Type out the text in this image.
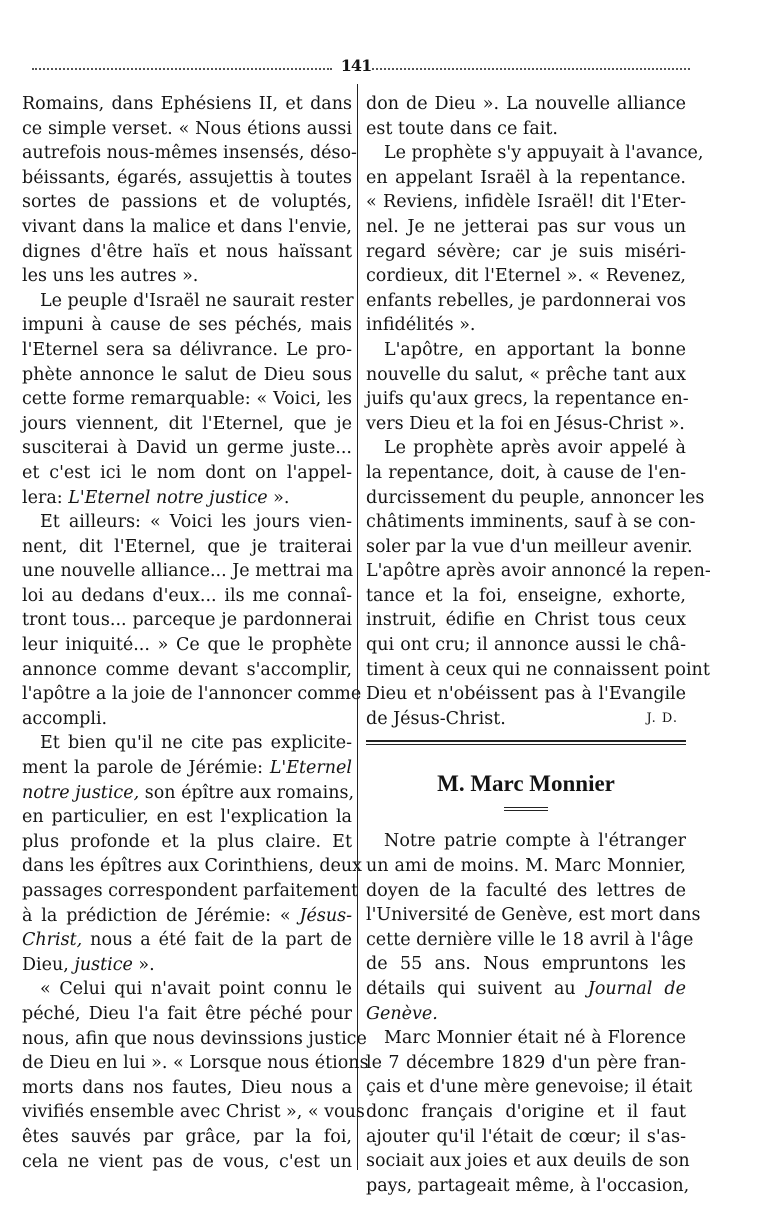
141
Romains, dans Ephésiens II, et dans
ce simple verset. « Nous étions aussi
autrefois nous-mêmes insensés, déso-
béissants, égarés, assujettis à toutes
sortes de passions et de voluptés,
vivant dans la malice et dans l'envie,
dignes d'être haïs et nous haïssant
les uns les autres ».
Le peuple d'Israël ne saurait rester
impuni à cause de ses péchés, mais
l'Eternel sera sa délivrance. Le pro-
phète annonce le salut de Dieu sous
cette forme remarquable: « Voici, les
jours viennent, dit l'Eternel, que je
susciterai à David un germe juste...
et c'est ici le nom dont on l'appel-
lera: L'Eternel notre justice ».
Et ailleurs: « Voici les jours vien-
nent, dit l'Eternel, que je traiterai
une nouvelle alliance... Je mettrai ma
loi au dedans d'eux... ils me connaî-
tront tous... parceque je pardonnerai
leur iniquité... » Ce que le prophète
annonce comme devant s'accomplir,
l'apôtre a la joie de l'annoncer comme
accompli.
Et bien qu'il ne cite pas explicite-
ment la parole de Jérémie: L'Eternel
notre justice, son épître aux romains,
en particulier, en est l'explication la
plus profonde et la plus claire. Et
dans les épîtres aux Corinthiens, deux
passages correspondent parfaitement
à la prédiction de Jérémie: « Jésus-
Christ, nous a été fait de la part de
Dieu, justice ».
« Celui qui n'avait point connu le
péché, Dieu l'a fait être péché pour
nous, afin que nous devinssions justice
de Dieu en lui ». « Lorsque nous étions
morts dans nos fautes, Dieu nous a
vivifiés ensemble avec Christ », « vous
êtes sauvés par grâce, par la foi,
cela ne vient pas de vous, c'est un
don de Dieu ». La nouvelle alliance
est toute dans ce fait.
Le prophète s'y appuyait à l'avance,
en appelant Israël à la repentance.
« Reviens, infidèle Israël! dit l'Eter-
nel. Je ne jetterai pas sur vous un
regard sévère; car je suis miséri-
cordieux, dit l'Eternel ». « Revenez,
enfants rebelles, je pardonnerai vos
infidélités ».
L'apôtre, en apportant la bonne
nouvelle du salut, « prêche tant aux
juifs qu'aux grecs, la repentance en-
vers Dieu et la foi en Jésus-Christ ».
Le prophète après avoir appelé à
la repentance, doit, à cause de l'en-
durcissement du peuple, annoncer les
châtiments imminents, sauf à se con-
soler par la vue d'un meilleur avenir.
L'apôtre après avoir annoncé la repen-
tance et la foi, enseigne, exhorte,
instruit, édifie en Christ tous ceux
qui ont cru; il annonce aussi le châ-
timent à ceux qui ne connaissent point
Dieu et n'obéissent pas à l'Evangile
de Jésus-Christ.	J. D.
M. Marc Monnier
Notre patrie compte à l'étranger
un ami de moins. M. Marc Monnier,
doyen de la faculté des lettres de
l'Université de Genève, est mort dans
cette dernière ville le 18 avril à l'âge
de 55 ans. Nous empruntons les
détails qui suivent au Journal de
Genève.
Marc Monnier était né à Florence
le 7 décembre 1829 d'un père fran-
çais et d'une mère genevoise; il était
donc français d'origine et il faut
ajouter qu'il l'était de cœur; il s'as-
sociait aux joies et aux deuils de son
pays, partageait même, à l'occasion,
